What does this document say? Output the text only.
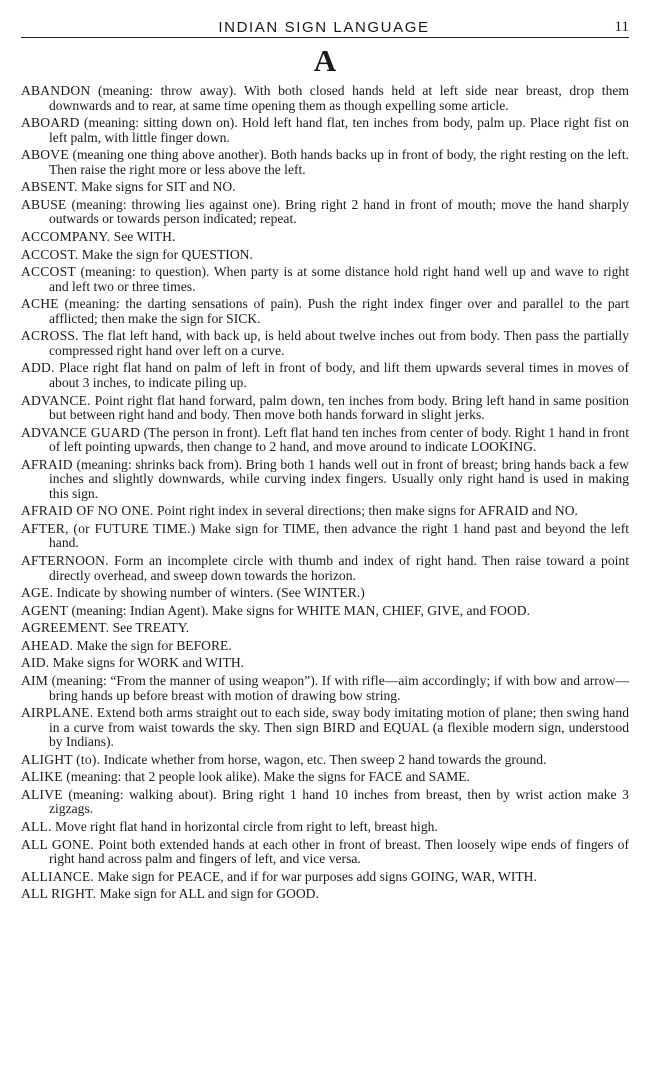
INDIAN SIGN LANGUAGE	11
A

ABANDON (meaning: throw away). With both closed hands held at left side near breast, drop them downwards and to rear, at same time opening them as though expelling some article.

ABOARD (meaning: sitting down on). Hold left hand flat, ten inches from body, palm up. Place right fist on left palm, with little finger down.

ABOVE (meaning one thing above another). Both hands backs up in front of body, the right resting on the left. Then raise the right more or less above the left.

ABSENT. Make signs for SIT and NO.

ABUSE (meaning: throwing lies against one). Bring right 2 hand in front of mouth; move the hand sharply outwards or towards person indicated; repeat.

ACCOMPANY. See WITH.

ACCOST. Make the sign for QUESTION.

ACCOST (meaning: to question). When party is at some distance hold right hand well up and wave to right and left two or three times.

ACHE (meaning: the darting sensations of pain). Push the right index finger over and parallel to the part afflicted; then make the sign for SICK.

ACROSS. The flat left hand, with back up, is held about twelve inches out from body. Then pass the partially compressed right hand over left on a curve.

ADD. Place right flat hand on palm of left in front of body, and lift them upwards several times in moves of about 3 inches, to indicate piling up.

ADVANCE. Point right flat hand forward, palm down, ten inches from body. Bring left hand in same position but between right hand and body. Then move both hands forward in slight jerks.

ADVANCE GUARD (The person in front). Left flat hand ten inches from center of body. Right 1 hand in front of left pointing upwards, then change to 2 hand, and move around to indicate LOOKING.

AFRAID (meaning: shrinks back from). Bring both 1 hands well out in front of breast; bring hands back a few inches and slightly downwards, while curving index fingers. Usually only right hand is used in making this sign.

AFRAID OF NO ONE. Point right index in several directions; then make signs for AFRAID and NO.

AFTER, (or FUTURE TIME.) Make sign for TIME, then advance the right 1 hand past and beyond the left hand.

AFTERNOON. Form an incomplete circle with thumb and index of right hand. Then raise toward a point directly overhead, and sweep down towards the horizon.

AGE. Indicate by showing number of winters. (See WINTER.)

AGENT (meaning: Indian Agent). Make signs for WHITE MAN, CHIEF, GIVE, and FOOD.

AGREEMENT. See TREATY.

AHEAD. Make the sign for BEFORE.

AID. Make signs for WORK and WITH.

AIM (meaning: “From the manner of using weapon”). If with rifle—aim accordingly; if with bow and arrow— bring hands up before breast with motion of drawing bow string.

AIRPLANE. Extend both arms straight out to each side, sway body imitating motion of plane; then swing hand in a curve from waist towards the sky. Then sign BIRD and EQUAL (a flexible modern sign, understood by Indians).

ALIGHT (to). Indicate whether from horse, wagon, etc. Then sweep 2 hand towards the ground.

ALIKE (meaning: that 2 people look alike). Make the signs for FACE and SAME.

ALIVE (meaning: walking about). Bring right 1 hand 10 inches from breast, then by wrist action make 3 zigzags.

ALL. Move right flat hand in horizontal circle from right to left, breast high.

ALL GONE. Point both extended hands at each other in front of breast. Then loosely wipe ends of fingers of right hand across palm and fingers of left, and vice versa.

ALLIANCE. Make sign for PEACE, and if for war purposes add signs GOING, WAR, WITH.

ALL RIGHT. Make sign for ALL and sign for GOOD.
